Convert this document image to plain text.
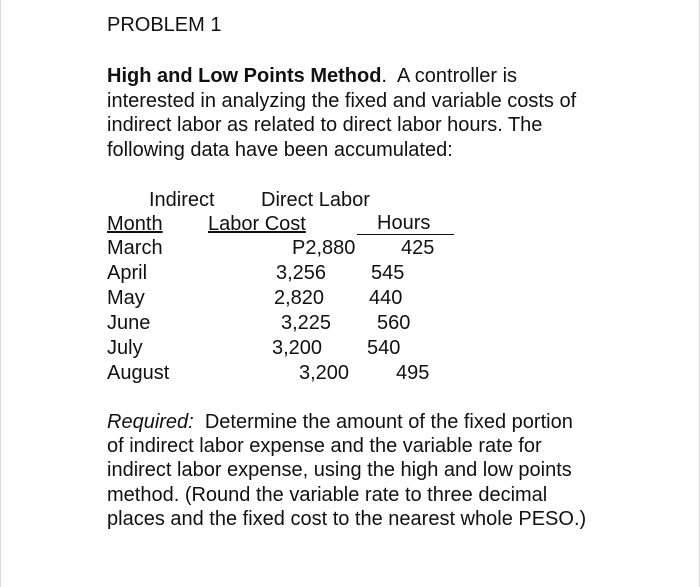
PROBLEM 1
High and Low Points Method. A controller is interested in analyzing the fixed and variable costs of indirect labor as related to direct labor hours. The following data have been accumulated:
Indirect Direct Labor
Month Labor Cost	Hours
March	P2,880 425
April	3,256 545
May	2,820 440
June	3,225 560
July	3,200 540
August	3,200 495
Required: Determine the amount of the fixed portion of indirect labor expense and the variable rate for indirect labor expense, using the high and low points method. (Round the variable rate to three decimal places and the fixed cost to the nearest whole PESO.)
